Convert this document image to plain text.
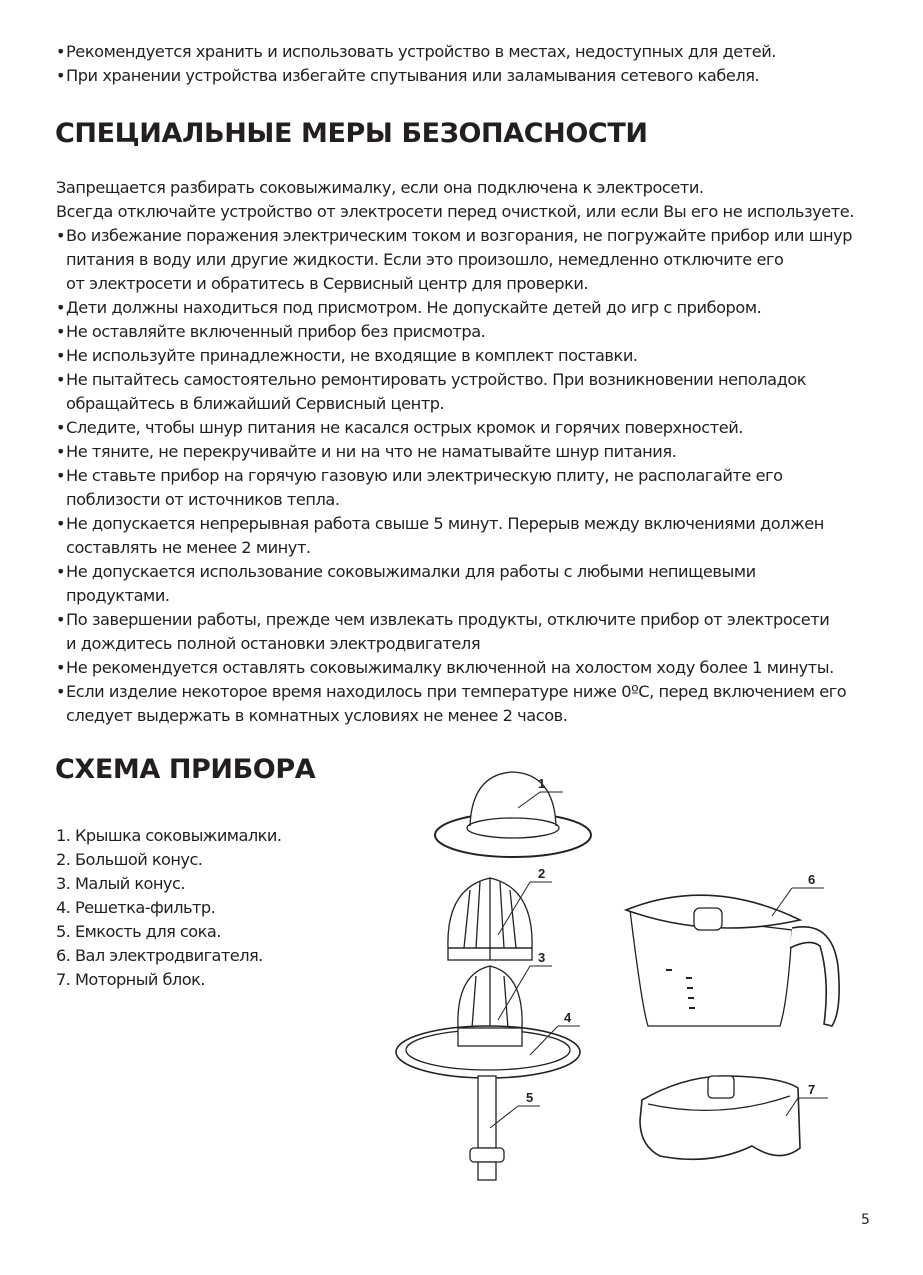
• Рекомендуется хранить и использовать устройство в местах, недоступных для детей.
• При хранении устройства избегайте спутывания или заламывания сетевого кабеля.
СПЕЦИАЛЬНЫЕ МЕРЫ БЕЗОПАСНОСТИ
Запрещается разбирать соковыжималку, если она подключена к электросети.
Всегда отключайте устройство от электросети перед очисткой, или если Вы его не используете.
• Во избежание поражения электрическим током и возгорания, не погружайте прибор или шнур
питания в воду или другие жидкости. Если это произошло, немедленно отключите его
от электросети и обратитесь в Сервисный центр для проверки.
• Дети должны находиться под присмотром. Не допускайте детей до игр с прибором.
• Не оставляйте включенный прибор без присмотра.
• Не используйте принадлежности, не входящие в комплект поставки.
• Не пытайтесь самостоятельно ремонтировать устройство. При возникновении неполадок
обращайтесь в ближайший Сервисный центр.
• Следите, чтобы шнур питания не касался острых кромок и горячих поверхностей.
• Не тяните, не перекручивайте и ни на что не наматывайте шнур питания.
• Не ставьте прибор на горячую газовую или электрическую плиту, не располагайте его
поблизости от источников тепла.
• Не допускается непрерывная работа свыше 5 минут. Перерыв между включениями должен
составлять не менее 2 минут.
• Не допускается использование соковыжималки для работы с любыми непищевыми
продуктами.
• По завершении работы, прежде чем извлекать продукты, отключите прибор от электросети
и дождитесь полной остановки электродвигателя
• Не рекомендуется оставлять соковыжималку включенной на холостом ходу более 1 минуты.
• Если изделие некоторое время находилось при температуре ниже 0ºС, перед включением его
следует выдержать в комнатных условиях не менее 2 часов.
СХЕМА ПРИБОРА
1. Крышка соковыжималки.
2. Большой конус.
3. Малый конус.
4. Решетка-фильтр.
5. Емкость для сока.
6. Вал электродвигателя.
7. Моторный блок.
1
2
3
4
5
6
7
5
